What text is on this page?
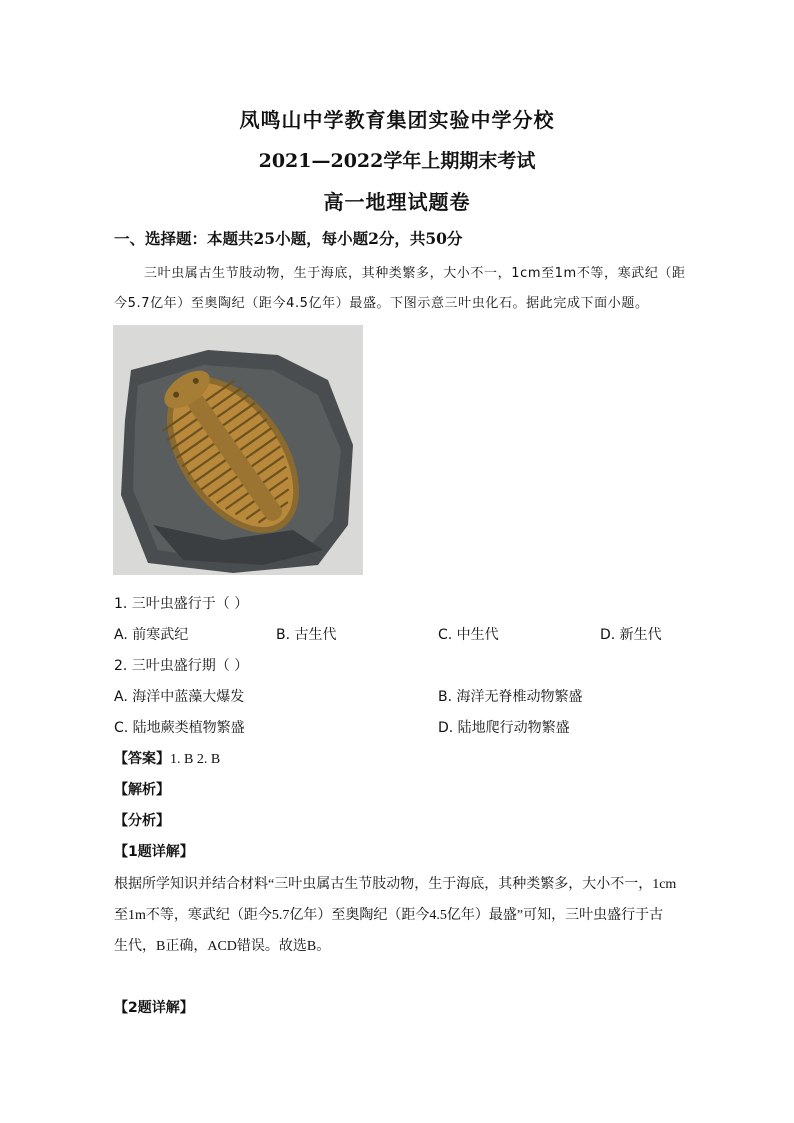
凤鸣山中学教育集团实验中学分校
2021—2022学年上期期末考试
高一地理试题卷
一、选择题：本题共25小题，每小题2分，共50分
三叶虫属古生节肢动物，生于海底，其种类繁多，大小不一，1cm至1m不等，寒武纪（距
今5.7亿年）至奥陶纪（距今4.5亿年）最盛。下图示意三叶虫化石。据此完成下面小题。
1. 三叶虫盛行于（ ）
A. 前寒武纪	B. 古生代	C. 中生代	D. 新生代
2. 三叶虫盛行期（ ）
A. 海洋中蓝藻大爆发	B. 海洋无脊椎动物繁盛
C. 陆地蕨类植物繁盛	D. 陆地爬行动物繁盛
【答案】1. B 2. B
【解析】
【分析】
【1题详解】
根据所学知识并结合材料“三叶虫属古生节肢动物，生于海底，其种类繁多，大小不一，1cm
至1m不等，寒武纪（距今5.7亿年）至奥陶纪（距今4.5亿年）最盛”可知，三叶虫盛行于古
生代，B正确，ACD错误。故选B。
【2题详解】
